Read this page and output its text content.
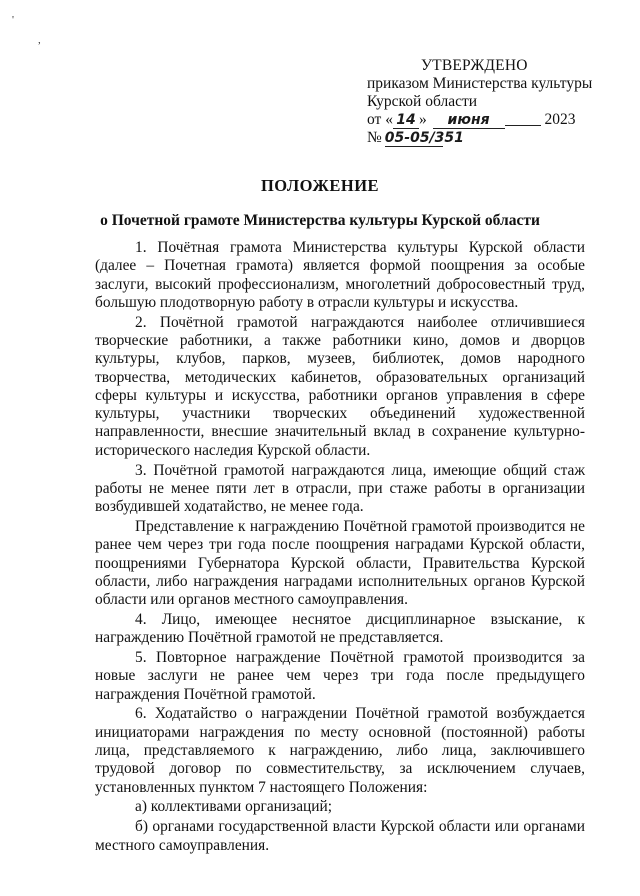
'
,
УТВЕРЖДЕНО
приказом Министерства культуры
Курской области
от « 14 » июня	2023
№ 05-05/351
ПОЛОЖЕНИЕ
о Почетной грамоте Министерства культуры Курской области

1. Почётная грамота Министерства культуры Курской области (далее – Почетная грамота) является формой поощрения за особые заслуги, высокий профессионализм, многолетний добросовестный труд, большую плодотворную работу в отрасли культуры и искусства.

2. Почётной грамотой награждаются наиболее отличившиеся творческие работники, а также работники кино, домов и дворцов культуры, клубов, парков, музеев, библиотек, домов народного творчества, методических кабинетов, образовательных организаций сферы культуры и искусства, работники органов управления в сфере культуры, участники творческих объединений художественной направленности, внесшие значительный вклад в сохранение культурно-исторического наследия Курской области.

3. Почётной грамотой награждаются лица, имеющие общий стаж работы не менее пяти лет в отрасли, при стаже работы в организации возбудившей ходатайство, не менее года.

Представление к награждению Почётной грамотой производится не ранее чем через три года после поощрения наградами Курской области, поощрениями Губернатора Курской области, Правительства Курской области, либо награждения наградами исполнительных органов Курской области или органов местного самоуправления.

4. Лицо, имеющее неснятое дисциплинарное взыскание, к награждению Почётной грамотой не представляется.

5. Повторное награждение Почётной грамотой производится за новые заслуги не ранее чем через три года после предыдущего награждения Почётной грамотой.

6. Ходатайство о награждении Почётной грамотой возбуждается инициаторами награждения по месту основной (постоянной) работы лица, представляемого к награждению, либо лица, заключившего трудовой договор по совместительству, за исключением случаев, установленных пунктом 7 настоящего Положения:

а) коллективами организаций;

б) органами государственной власти Курской области или органами местного самоуправления.
